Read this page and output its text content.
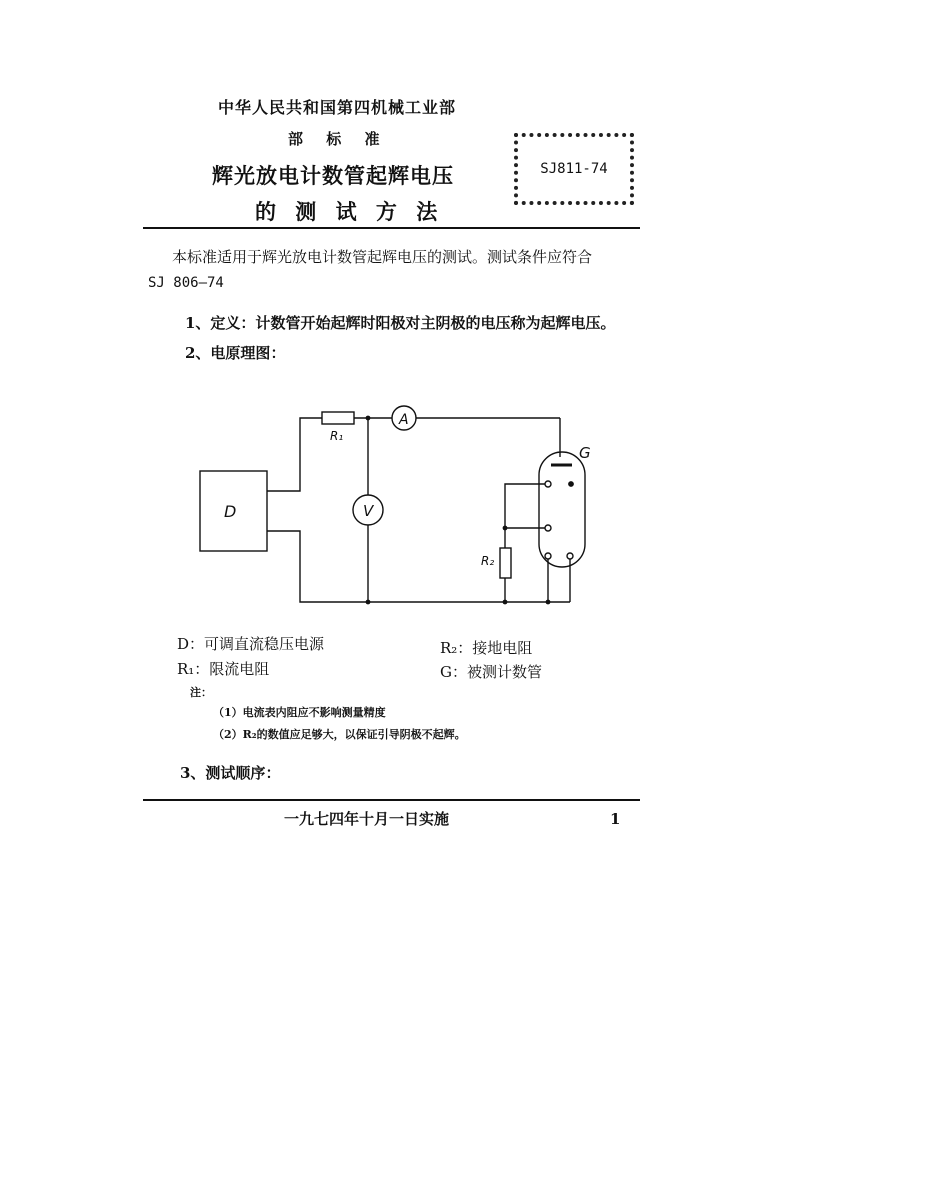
中华人民共和国第四机械工业部
部 标 准
辉光放电计数管起辉电压
的 测 试 方 法
SJ811-74
本标准适用于辉光放电计数管起辉电压的测试。测试条件应符合
SJ 806—74
1、定义：计数管开始起辉时阳极对主阴极的电压称为起辉电压。
2、电原理图：
D
R₁
A
V
R₂
G
D：可调直流稳压电源	R₂：接地电阻
R₁：限流电阻	G：被测计数管
注：
（1）电流表内阻应不影响测量精度
（2）R₂的数值应足够大，以保证引导阴极不起辉。
3、测试顺序：
一九七四年十月一日实施	1
